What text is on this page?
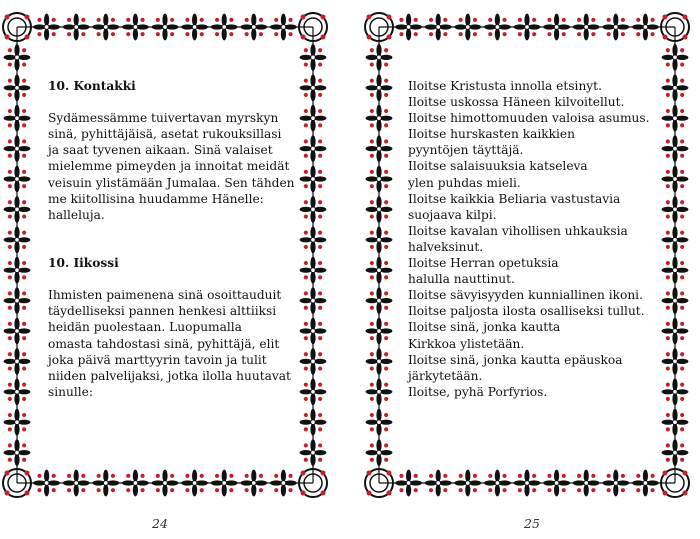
10. Kontakki
Sydämessämme tuivertavan myrskyn
sinä, pyhittäjäisä, asetat rukouksillasi
ja saat tyvenen aikaan. Sinä valaiset
mielemme pimeyden ja innoitat meidät
veisuin ylistämään Jumalaa. Sen tähden
me kiitollisina huudamme Hänelle:
halleluja.
10. Iikossi
Ihmisten paimenena sinä osoittauduit
täydelliseksi pannen henkesi alttiiksi
heidän puolestaan. Luopumalla
omasta tahdostasi sinä, pyhittäjä, elit
joka päivä marttyyrin tavoin ja tulit
niiden palvelijaksi, jotka ilolla huutavat
sinulle:
24
Iloitse Kristusta innolla etsinyt.
Iloitse uskossa Häneen kilvoitellut.
Iloitse himottomuuden valoisa asumus.
Iloitse hurskasten kaikkien
pyyntöjen täyttäjä.
Iloitse salaisuuksia katseleva
ylen puhdas mieli.
Iloitse kaikkia Beliaria vastustavia
suojaava kilpi.
Iloitse kavalan vihollisen uhkauksia
halveksinut.
Iloitse Herran opetuksia
halulla nauttinut.
Iloitse sävyisyyden kunniallinen ikoni.
Iloitse paljosta ilosta osalliseksi tullut.
Iloitse sinä, jonka kautta
Kirkkoa ylistetään.
Iloitse sinä, jonka kautta epäuskoa
järkytetään.
Iloitse, pyhä Porfyrios.
25
